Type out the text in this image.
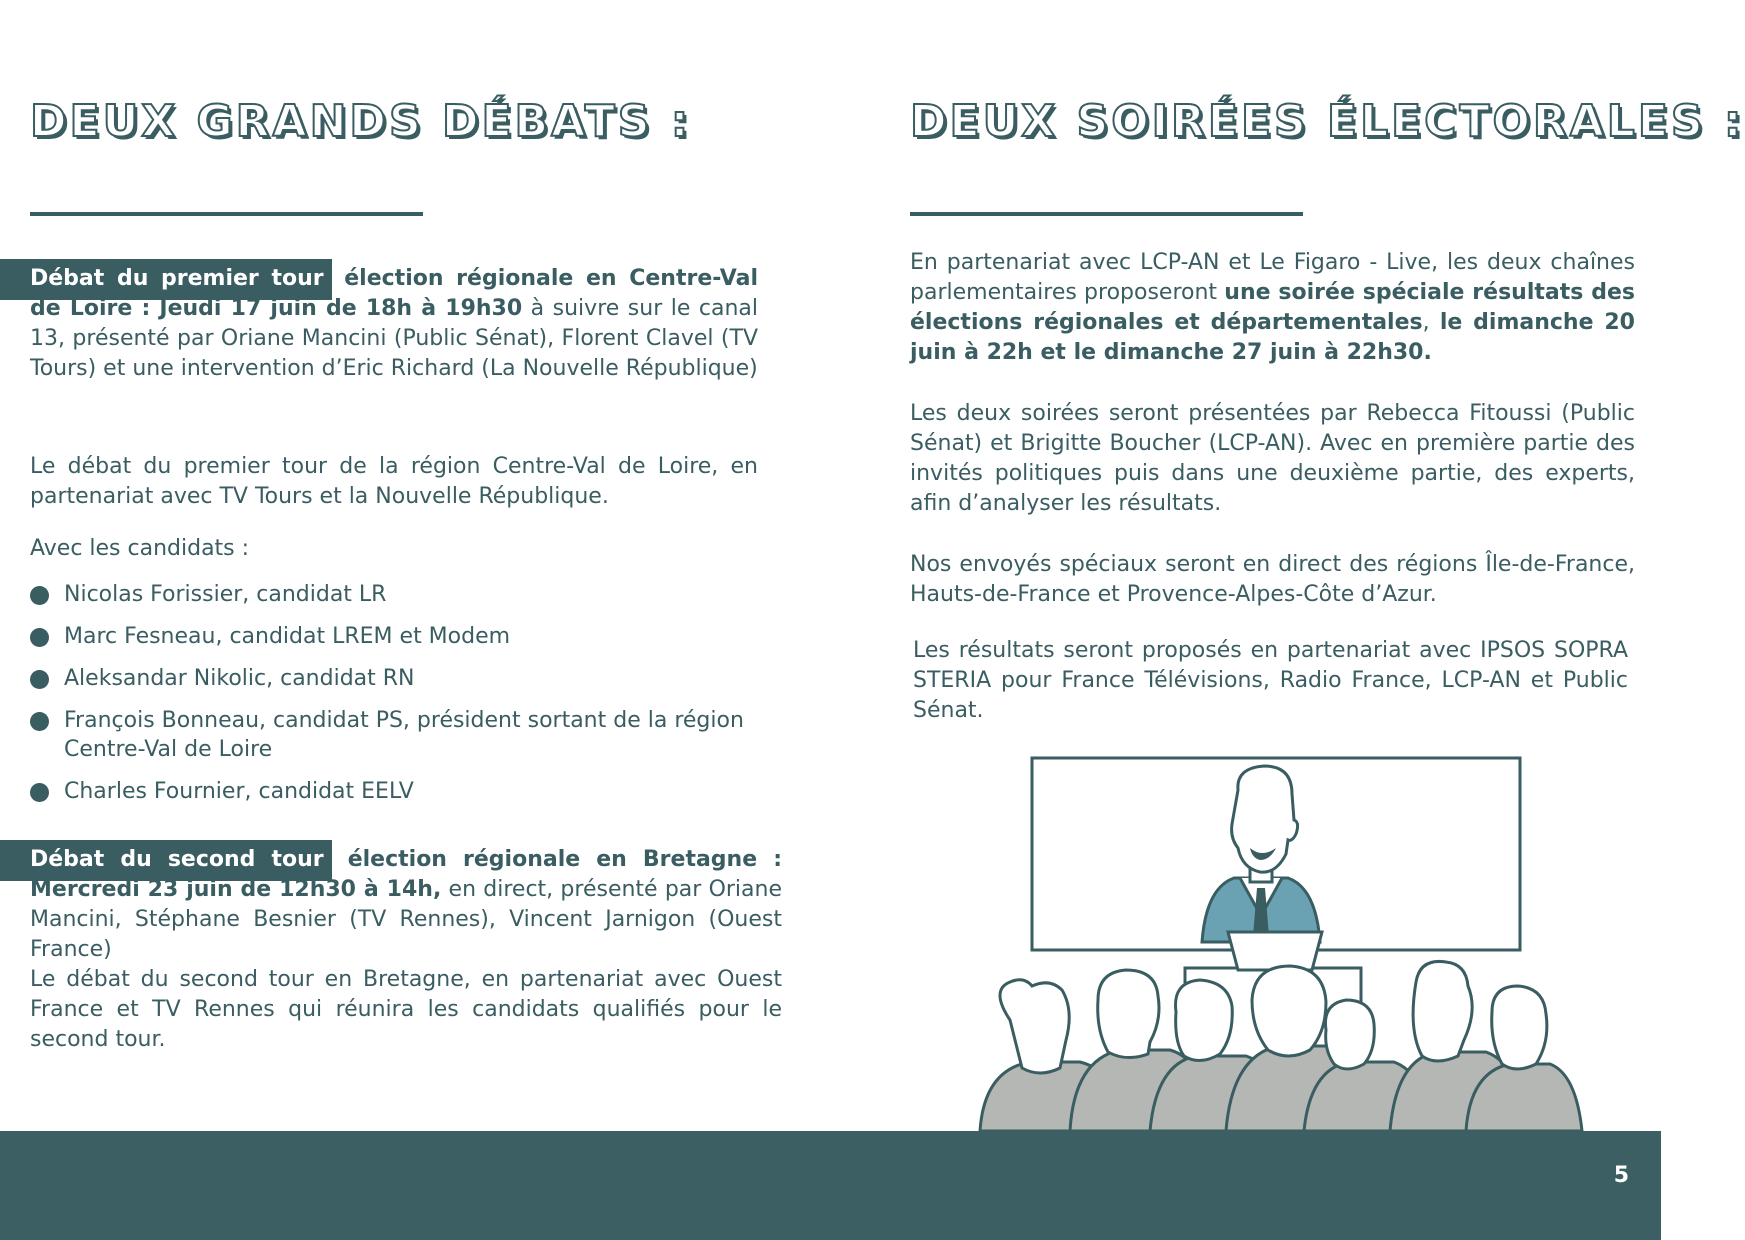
DEUX GRANDS DÉBATS :

Débat du premier tour élection régionale en Centre-Val de Loire : Jeudi 17 juin de 18h à 19h30 à suivre sur le canal 13, présenté par Oriane Mancini (Public Sénat), Florent Clavel (TV Tours) et une intervention d’Eric Richard (La Nouvelle République)

Le débat du premier tour de la région Centre-Val de Loire, en partenariat avec TV Tours et la Nouvelle République.

Avec les candidats :

Nicolas Forissier, candidat LR
Marc Fesneau, candidat LREM et Modem
Aleksandar Nikolic, candidat RN
François Bonneau, candidat PS, président sortant de la région Centre-Val de Loire
Charles Fournier, candidat EELV

Débat du second tour élection régionale en Bretagne : Mercredi 23 juin de 12h30 à 14h, en direct, présenté par Oriane Mancini, Stéphane Besnier (TV Rennes), Vincent Jarnigon (Ouest France)

Le débat du second tour en Bretagne, en partenariat avec Ouest France et TV Rennes qui réunira les candidats qualifiés pour le second tour.

DEUX SOIRÉES ÉLECTORALES :

En partenariat avec LCP-AN et Le Figaro - Live, les deux chaînes parlementaires proposeront une soirée spéciale résultats des élections régionales et départementales, le dimanche 20 juin à 22h et le dimanche 27 juin à 22h30.

Les deux soirées seront présentées par Rebecca Fitoussi (Public Sénat) et Brigitte Boucher (LCP-AN). Avec en première partie des invités politiques puis dans une deuxième partie, des experts, afin d’analyser les résultats.

Nos envoyés spéciaux seront en direct des régions Île-de-France, Hauts-de-France et Provence-Alpes-Côte d’Azur.

Les résultats seront proposés en partenariat avec IPSOS SOPRA STERIA pour France Télévisions, Radio France, LCP-AN et Public Sénat.

5
